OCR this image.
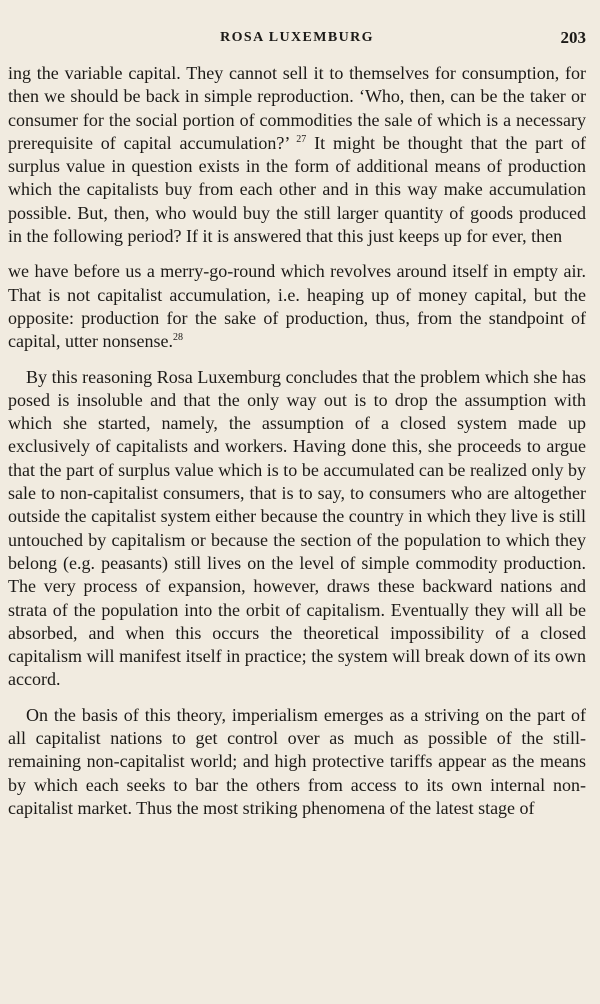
ROSA LUXEMBURG	203

ing the variable capital. They cannot sell it to themselves for consumption, for then we should be back in simple reproduction. ‘Who, then, can be the taker or consumer for the social portion of commodities the sale of which is a necessary prerequisite of capital accumulation?’ $^{27}$ It might be thought that the part of surplus value in question exists in the form of additional means of production which the capitalists buy from each other and in this way make accumulation possible. But, then, who would buy the still larger quantity of goods produced in the following period? If it is answered that this just keeps up for ever, then

we have before us a merry-go-round which revolves around itself in empty air. That is not capitalist accumulation, i.e. heaping up of money capital, but the opposite: production for the sake of production, thus, from the standpoint of capital, utter nonsense.$^{28}$

By this reasoning Rosa Luxemburg concludes that the problem which she has posed is insoluble and that the only way out is to drop the assumption with which she started, namely, the assumption of a closed system made up exclusively of capitalists and workers. Having done this, she proceeds to argue that the part of surplus value which is to be accumulated can be realized only by sale to non-capitalist consumers, that is to say, to consumers who are altogether outside the capitalist system either because the country in which they live is still untouched by capitalism or because the section of the population to which they belong (e.g. peasants) still lives on the level of simple commodity production. The very process of expansion, however, draws these backward nations and strata of the population into the orbit of capitalism. Eventually they will all be absorbed, and when this occurs the theoretical impossibility of a closed capitalism will manifest itself in practice; the system will break down of its own accord.

On the basis of this theory, imperialism emerges as a striving on the part of all capitalist nations to get control over as much as possible of the still-remaining non-capitalist world; and high protective tariffs appear as the means by which each seeks to bar the others from access to its own internal non-capitalist market. Thus the most striking phenomena of the latest stage of
